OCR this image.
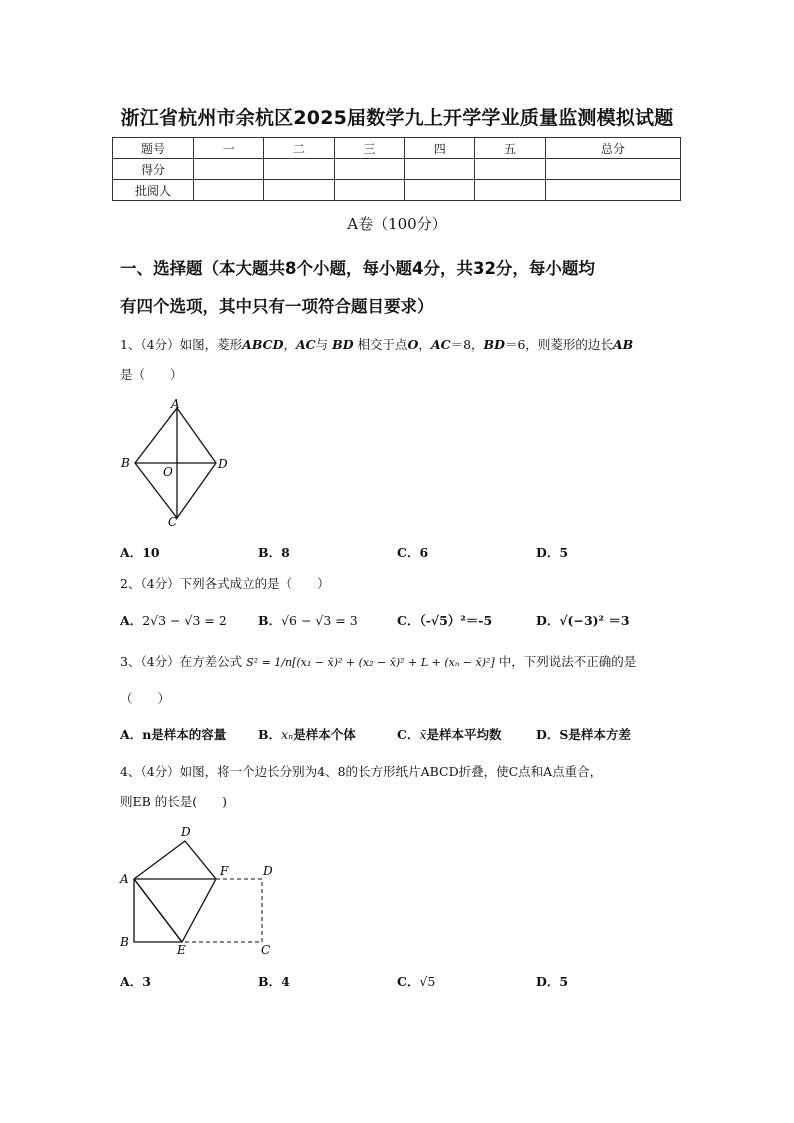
浙江省杭州市余杭区2025届数学九上开学学业质量监测模拟试题
题号	一	二	三	四	五	总分
得分						
批阅人						
A卷（100分）
一、选择题（本大题共8个小题，每小题4分，共32分，每小题均
有四个选项，其中只有一项符合题目要求）
1、（4分）如图，菱形ABCD，AC与 BD 相交于点O，AC＝8，BD＝6，则菱形的边长AB
是（　　）
A
B	D
C
O
A．10	B．8	C．6	D．5
2、（4分）下列各式成立的是（　　）
A．2√3 − √3 = 2 B．√6 − √3 = 3	C．（-√5）²＝-5	D．√(−3)² ＝3
3、（4分）在方差公式 S² = 1/n[(x₁ − x̄)² + (x₂ − x̄)² + L + (xₙ − x̄)²] 中，下列说法不正确的是
（　　）
A．n是样本的容量	B．xₙ是样本个体	C．x̄是样本平均数	D．S是样本方差
4、（4分）如图，将一个边长分别为4、8的长方形纸片ABCD折叠，使C点和A点重合，
则EB 的长是(　　)
D
A
F	D
B
E	C
A．3	B．4	C．√5	D．5
